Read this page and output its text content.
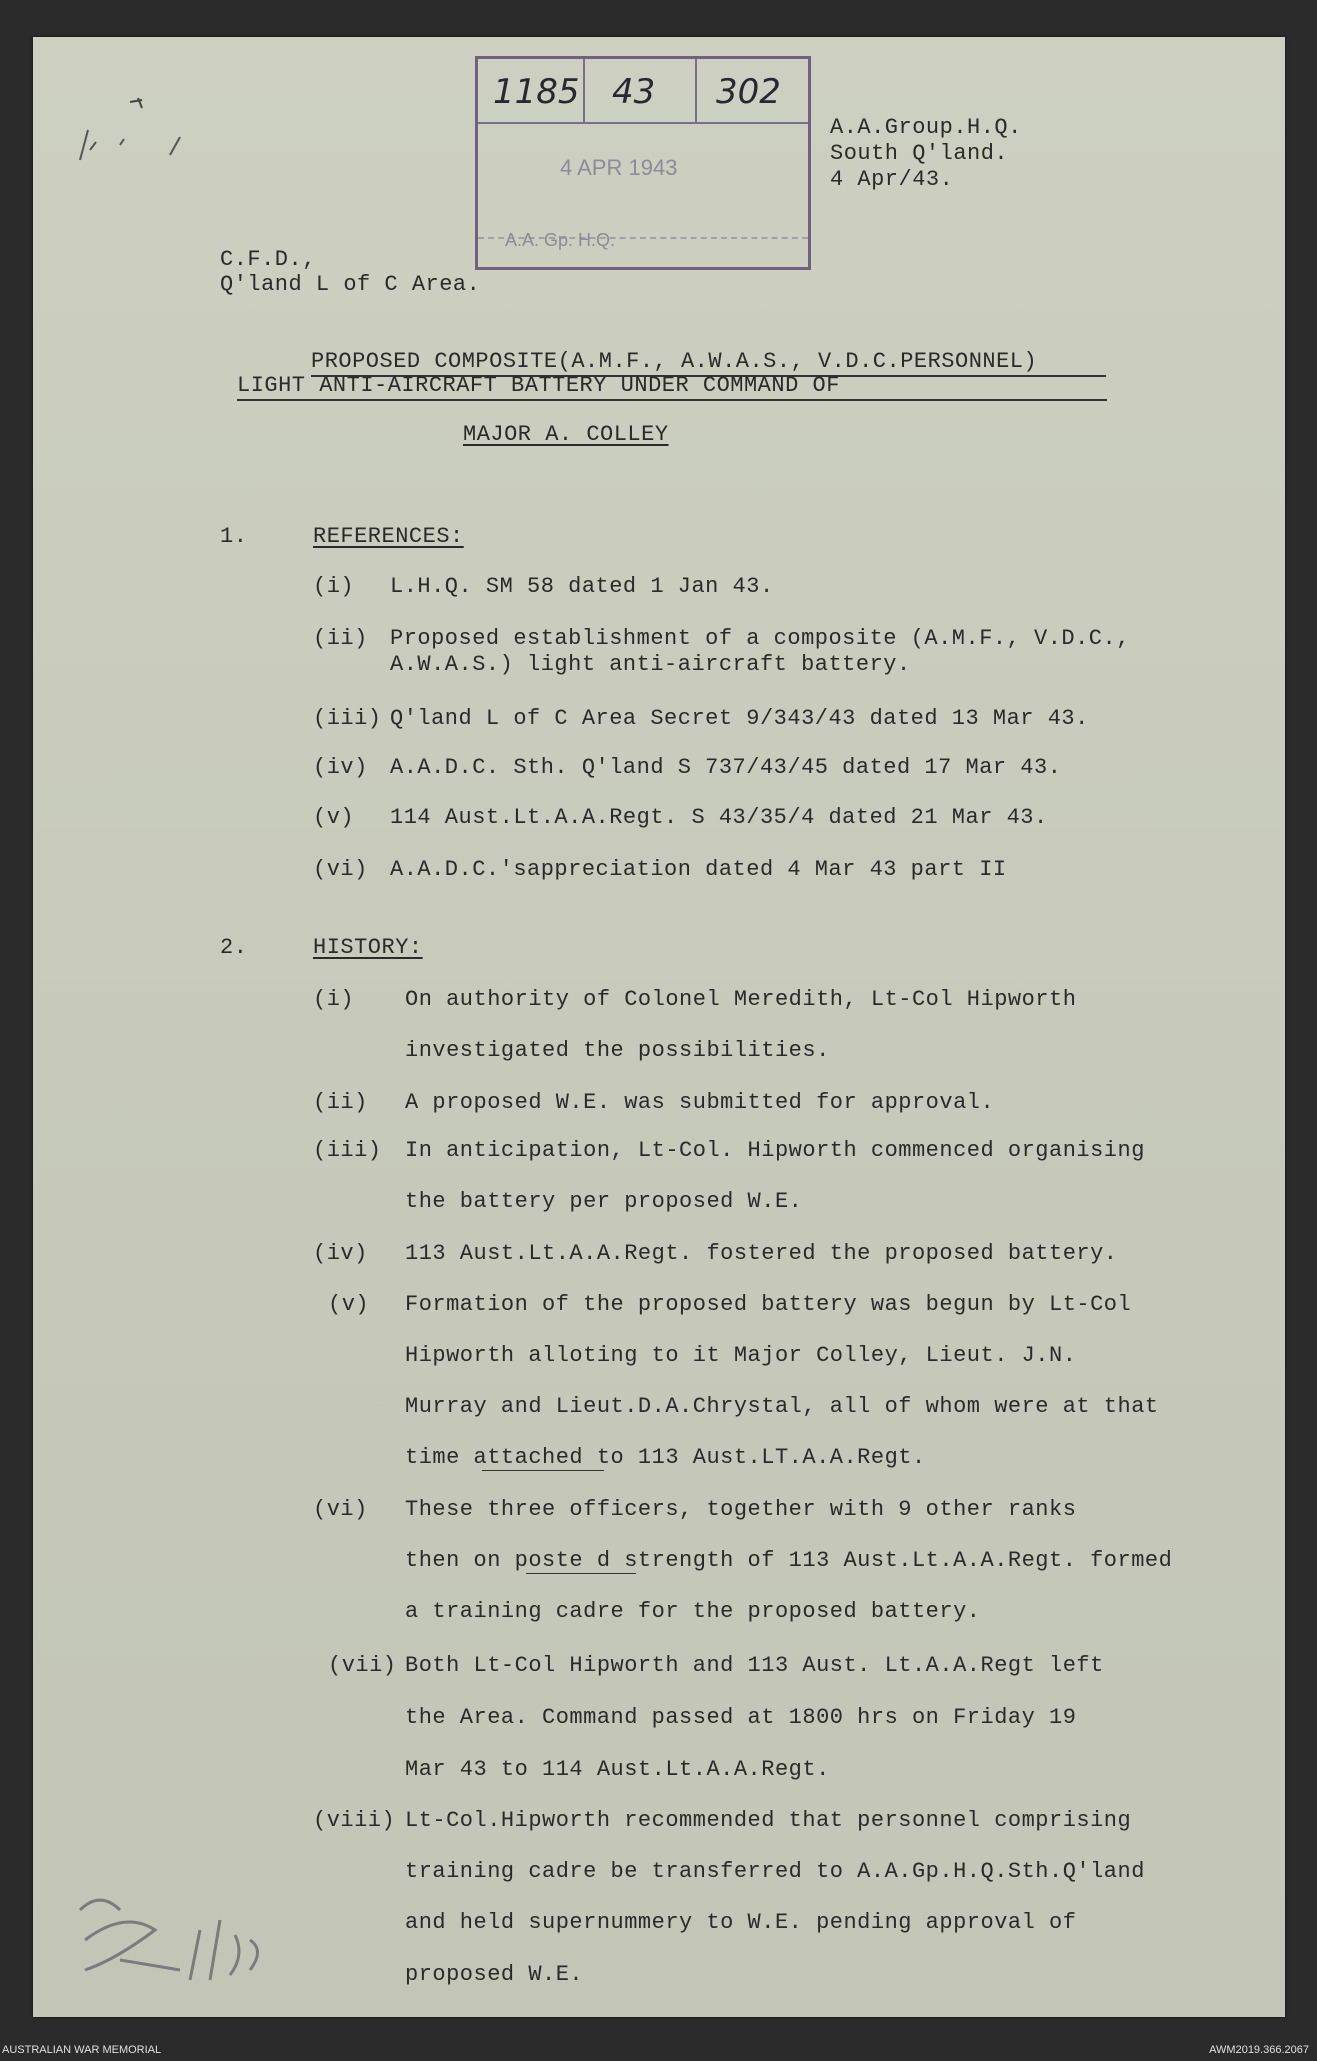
1185 43 302
4 APR 1943
A.A. Gp. H.Q.
A.A.Group.H.Q.
South Q'land.
4 Apr/43.
C.F.D.,
Q'land L of C Area.
PROPOSED COMPOSITE(A.M.F., A.W.A.S., V.D.C.PERSONNEL)
LIGHT ANTI-AIRCRAFT BATTERY UNDER COMMAND OF
MAJOR A. COLLEY
1.	REFERENCES:
(i) L.H.Q. SM 58 dated 1 Jan 43.
(ii) Proposed establishment of a composite (A.M.F., V.D.C.,
A.W.A.S.) light anti-aircraft battery.
(iii) Q'land L of C Area Secret 9/343/43 dated 13 Mar 43.
(iv) A.A.D.C. Sth. Q'land S 737/43/45 dated 17 Mar 43.
(v) 114 Aust.Lt.A.A.Regt. S 43/35/4 dated 21 Mar 43.
(vi) A.A.D.C.'sappreciation dated 4 Mar 43 part II
2.	HISTORY:
(i) On authority of Colonel Meredith, Lt-Col Hipworth
investigated the possibilities.
(ii) A proposed W.E. was submitted for approval.
(iii) In anticipation, Lt-Col. Hipworth commenced organising
the battery per proposed W.E.
(iv) 113 Aust.Lt.A.A.Regt. fostered the proposed battery.
(v) Formation of the proposed battery was begun by Lt-Col
Hipworth alloting to it Major Colley, Lieut. J.N.
Murray and Lieut.D.A.Chrystal, all of whom were at that
time attached to 113 Aust.LT.A.A.Regt.
(vi) These three officers, together with 9 other ranks
then on poste d strength of 113 Aust.Lt.A.A.Regt. formed
a training cadre for the proposed battery.
(vii) Both Lt-Col Hipworth and 113 Aust. Lt.A.A.Regt left
the Area. Command passed at 1800 hrs on Friday 19
Mar 43 to 114 Aust.Lt.A.A.Regt.
(viii) Lt-Col.Hipworth recommended that personnel comprising
training cadre be transferred to A.A.Gp.H.Q.Sth.Q'land
and held supernummery to W.E. pending approval of
proposed W.E.
AUSTRALIAN WAR MEMORIAL	AWM2019.366.2067
